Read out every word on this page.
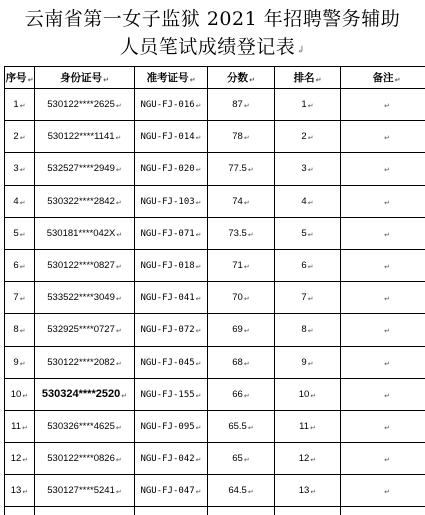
云南省第一女子监狱 2021 年招聘警务辅助
人员笔试成绩登记表↲
序号↵	身份证号↵	准考证号↵	分数↵	排名↵	备注↵
1↵	530122****2625↵	NGU-FJ-016↵	87↵	1↵	↵
2↵	530122****1141↵	NGU-FJ-014↵	78↵	2↵	↵
3↵	532527****2949↵	NGU-FJ-020↵	77.5↵	3↵	↵
4↵	530322****2842↵	NGU-FJ-103↵	74↵	4↵	↵
5↵	530181****042X↵	NGU-FJ-071↵	73.5↵	5↵	↵
6↵	530122****0827↵	NGU-FJ-018↵	71↵	6↵	↵
7↵	533522****3049↵	NGU-FJ-041↵	70↵	7↵	↵
8↵	532925****0727↵	NGU-FJ-072↵	69↵	8↵	↵
9↵	530122****2082↵	NGU-FJ-045↵	68↵	9↵	↵
10↵	530324****2520↵	NGU-FJ-155↵	66↵	10↵	↵
11↵	530326****4625↵	NGU-FJ-095↵	65.5↵	11↵	↵
12↵	530122****0826↵	NGU-FJ-042↵	65↵	12↵	↵
13↵	530127****5241↵	NGU-FJ-047↵	64.5↵	13↵	↵
